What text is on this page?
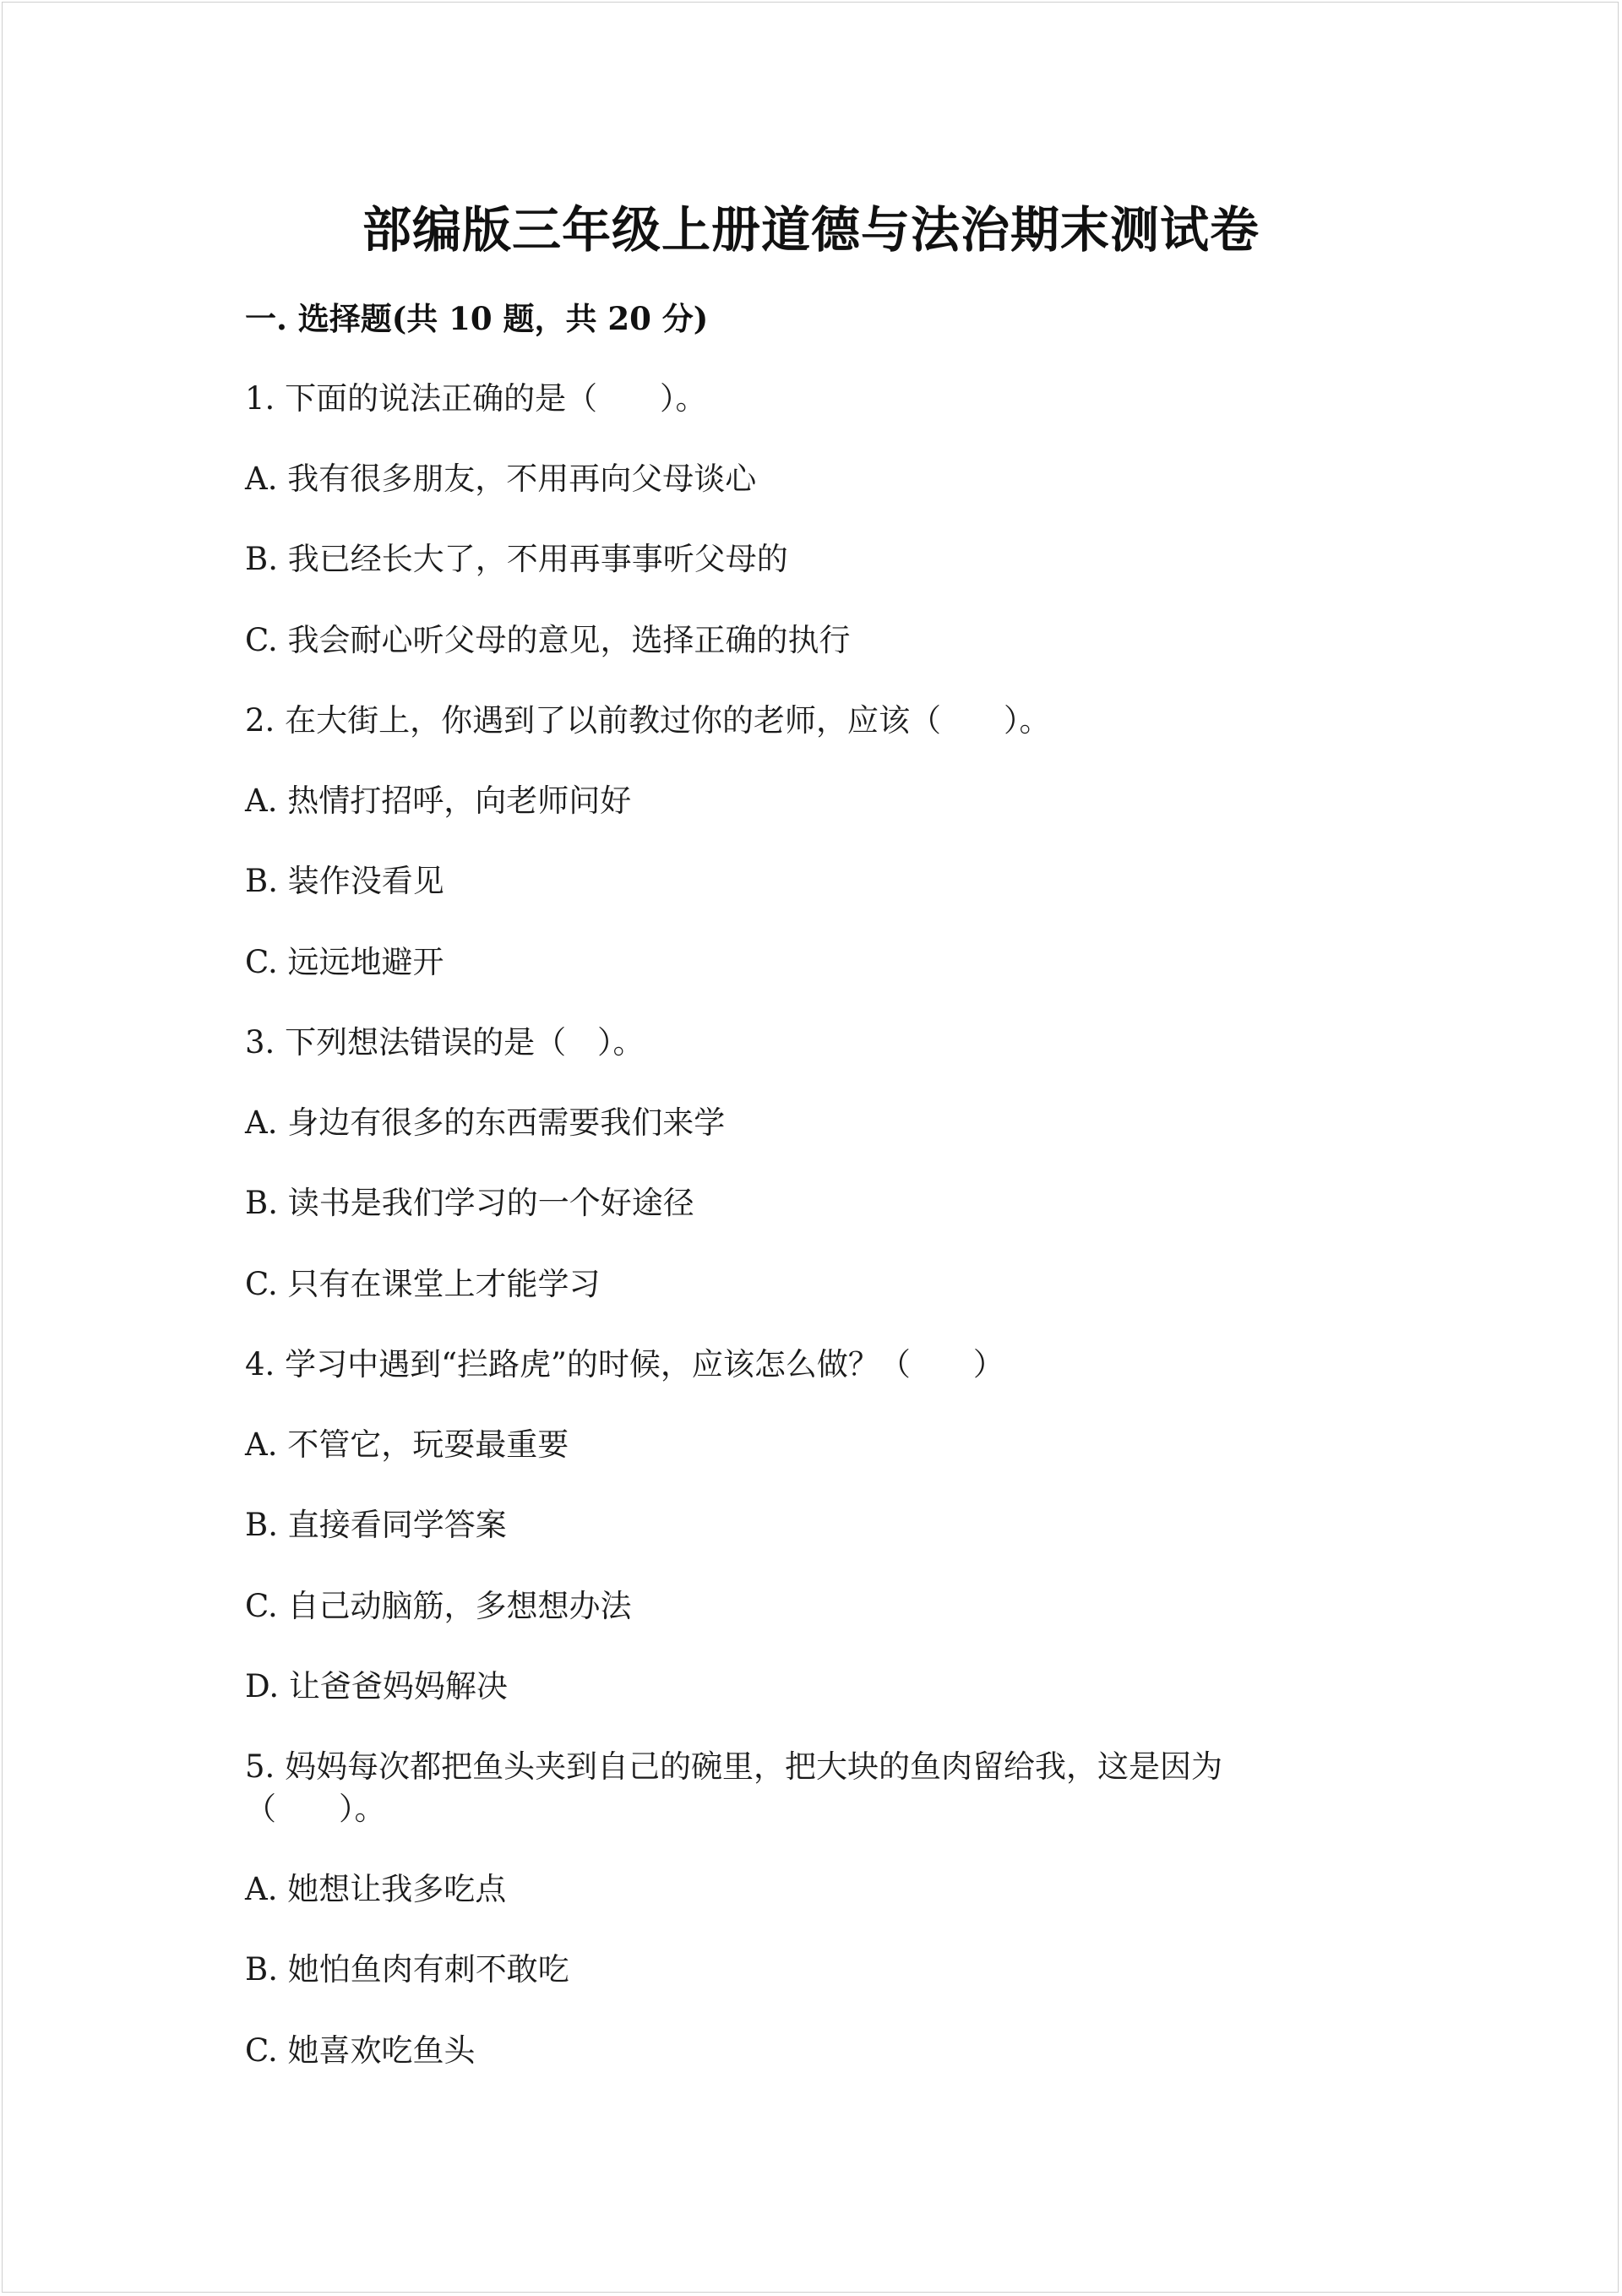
部编版三年级上册道德与法治期末测试卷
一. 选择题(共 10 题，共 20 分)
1. 下面的说法正确的是（　　）。
A. 我有很多朋友，不用再向父母谈心
B. 我已经长大了，不用再事事听父母的
C. 我会耐心听父母的意见，选择正确的执行
2. 在大街上，你遇到了以前教过你的老师，应该（　　）。
A. 热情打招呼，向老师问好
B. 装作没看见
C. 远远地避开
3. 下列想法错误的是（　）。
A. 身边有很多的东西需要我们来学
B. 读书是我们学习的一个好途径
C. 只有在课堂上才能学习
4. 学习中遇到“拦路虎”的时候，应该怎么做？（　　）
A. 不管它，玩耍最重要
B. 直接看同学答案
C. 自己动脑筋，多想想办法
D. 让爸爸妈妈解决
5. 妈妈每次都把鱼头夹到自己的碗里，把大块的鱼肉留给我，这是因为
（　　）。
A. 她想让我多吃点
B. 她怕鱼肉有刺不敢吃
C. 她喜欢吃鱼头
